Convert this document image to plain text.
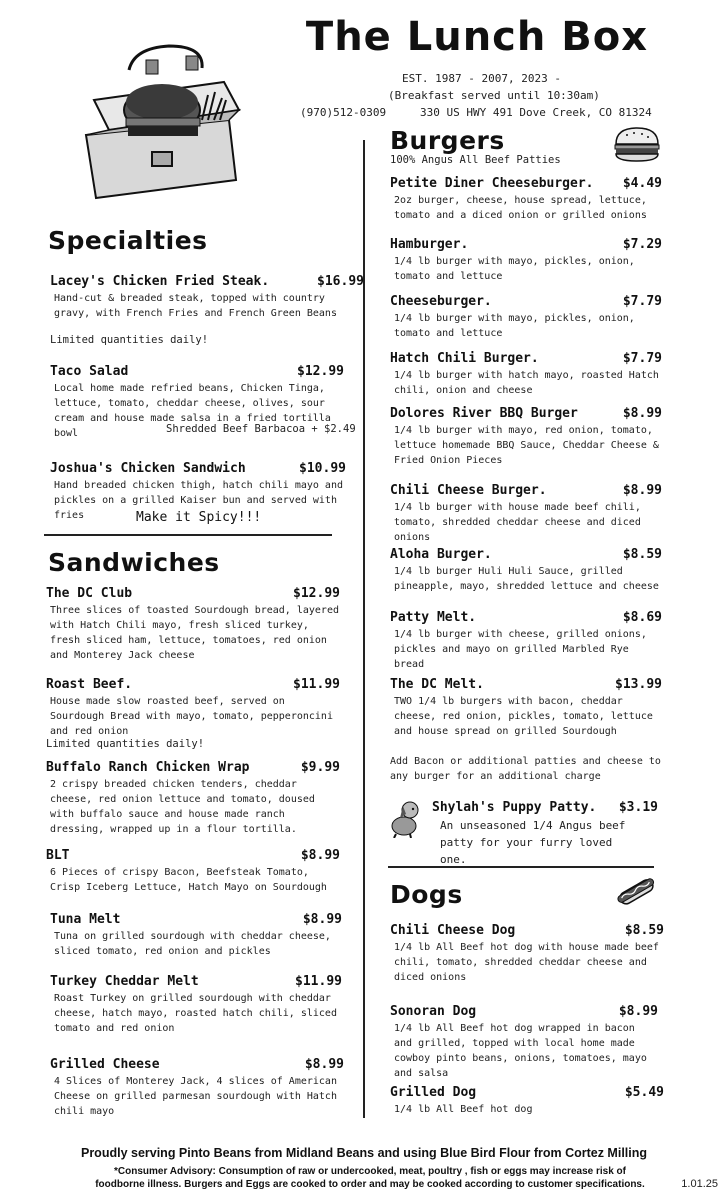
The Lunch Box
EST. 1987 - 2007, 2023 -
(Breakfast served until 10:30am)
(970)512-0309	330 US HWY 491 Dove Creek, CO 81324
Specialties
Lacey's Chicken Fried Steak.	$16.99
Hand-cut & breaded steak, topped with country gravy, with French Fries and French Green Beans
Limited quantities daily!
Taco Salad	$12.99
Local home made refried beans, Chicken Tinga, lettuce, tomato, cheddar cheese, olives, sour cream and house made salsa in a fried tortilla bowl	Shredded Beef Barbacoa + $2.49
Joshua's Chicken Sandwich	$10.99
Hand breaded chicken thigh, hatch chili mayo and pickles on a grilled Kaiser bun and served with fries	Make it Spicy!!!
Sandwiches
The DC Club	$12.99
Three slices of toasted Sourdough bread, layered with Hatch Chili mayo, fresh sliced turkey, fresh sliced ham, lettuce, tomatoes, red onion and Monterey Jack cheese
Roast Beef.	$11.99
House made slow roasted beef, served on Sourdough Bread with mayo, tomato, pepperoncini and red onion
Limited quantities daily!
Buffalo Ranch Chicken Wrap	$9.99
2 crispy breaded chicken tenders, cheddar cheese, red onion lettuce and tomato, doused with buffalo sauce and house made ranch dressing, wrapped up in a flour tortilla.
BLT	$8.99
6 Pieces of crispy Bacon, Beefsteak Tomato, Crisp Iceberg Lettuce, Hatch Mayo on Sourdough
Tuna Melt	$8.99
Tuna on grilled sourdough with cheddar cheese, sliced tomato, red onion and pickles
Turkey Cheddar Melt	$11.99
Roast Turkey on grilled sourdough with cheddar cheese, hatch mayo, roasted hatch chili, sliced tomato and red onion
Grilled Cheese	$8.99
4 Slices of Monterey Jack, 4 slices of American Cheese on grilled parmesan sourdough with Hatch chili mayo
Burgers
100% Angus All Beef Patties
Petite Diner Cheeseburger. $4.49
2oz burger, cheese, house spread, lettuce, tomato and a diced onion or grilled onions
Hamburger.	$7.29
1/4 lb burger with mayo, pickles, onion, tomato and lettuce
Cheeseburger.	$7.79
1/4 lb burger with mayo, pickles, onion, tomato and lettuce
Hatch Chili Burger.	$7.79
1/4 lb burger with hatch mayo, roasted Hatch chili, onion and cheese
Dolores River BBQ Burger	$8.99
1/4 lb burger with mayo, red onion, tomato, lettuce homemade BBQ Sauce, Cheddar Cheese & Fried Onion Pieces
Chili Cheese Burger.	$8.99
1/4 lb burger with house made beef chili, tomato, shredded cheddar cheese and diced onions
Aloha Burger.	$8.59
1/4 lb burger Huli Huli Sauce, grilled pineapple, mayo, shredded lettuce and cheese
Patty Melt.	$8.69
1/4 lb burger with cheese, grilled onions, pickles and mayo on grilled Marbled Rye bread
The DC Melt.	$13.99
TWO 1/4 lb burgers with bacon, cheddar cheese, red onion, pickles, tomato, lettuce and house spread on grilled Sourdough
Add Bacon or additional patties and cheese to any burger for an additional charge
Shylah's Puppy Patty. $3.19
An unseasoned 1/4 Angus beef patty for your furry loved one.
Dogs
Chili Cheese Dog	$8.59
1/4 lb All Beef hot dog with house made beef chili, tomato, shredded cheddar cheese and diced onions
Sonoran Dog	$8.99
1/4 lb All Beef hot dog wrapped in bacon and grilled, topped with local home made cowboy pinto beans, onions, tomatoes, mayo and salsa
Grilled Dog	$5.49
1/4 lb All Beef hot dog
Proudly serving Pinto Beans from Midland Beans and using Blue Bird Flour from Cortez Milling
*Consumer Advisory: Consumption of raw or undercooked, meat, poultry , fish or eggs may increase risk of foodborne illness. Burgers and Eggs are cooked to order and may be cooked according to customer specifications.	1.01.25
